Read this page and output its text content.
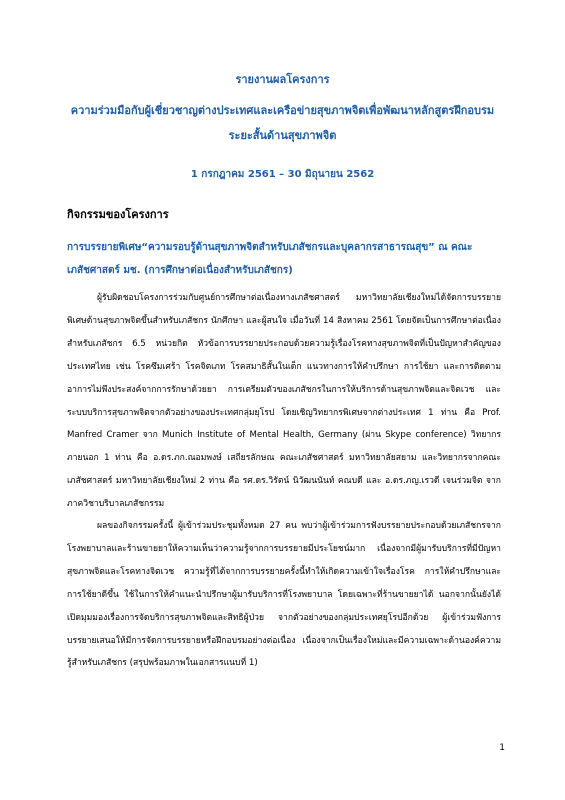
รายงานผลโครงการ
ความร่วมมือกับผู้เชี่ยวชาญต่างประเทศและเครือข่ายสุขภาพจิตเพื่อพัฒนาหลักสูตรฝึกอบรม
ระยะสั้นด้านสุขภาพจิต
1 กรกฎาคม 2561 – 30 มิถุนายน 2562
กิจกรรมของโครงการ
การบรรยายพิเศษ“ความรอบรู้ด้านสุขภาพจิตสำหรับเภสัชกรและบุคลากรสาธารณสุข” ณ คณะเภสัชศาสตร์ มช. (การศึกษาต่อเนื่องสำหรับเภสัชกร)
ผู้รับผิดชอบโครงการร่วมกับศูนย์การศึกษาต่อเนื่องทางเภสัชศาสตร์ มหาวิทยาลัยเชียงใหม่ได้จัดการบรรยายพิเศษด้านสุขภาพจิตขึ้นสำหรับเภสัชกร นักศึกษา และผู้สนใจ เมื่อวันที่ 14 สิงหาคม 2561 โดยจัดเป็นการศึกษาต่อเนื่องสำหรับเภสัชกร 6.5 หน่วยกิต หัวข้อการบรรยายประกอบด้วยความรู้เรื่องโรคทางสุขภาพจิตที่เป็นปัญหาสำคัญของประเทศไทย เช่น โรคซึมเศร้า โรคจิตเภท โรคสมาธิสั้นในเด็ก แนวทางการให้คำปรึกษา การใช้ยา และการติดตามอาการไม่พึงประสงค์จากการรักษาด้วยยา การเตรียมตัวของเภสัชกรในการให้บริการด้านสุขภาพจิตและจิตเวช และระบบบริการสุขภาพจิตจากตัวอย่างของประเทศกลุ่มยุโรป โดยเชิญวิทยากรพิเศษจากต่างประเทศ 1 ท่าน คือ Prof. Manfred Cramer จาก Munich Institute of Mental Health, Germany (ผ่าน Skype conference) วิทยากรภายนอก 1 ท่าน คือ อ.ดร.ภก.ณอมพงษ์ เสถียรลักษณ คณะเภสัชศาสตร์ มหาวิทยาลัยสยาม และวิทยากรจากคณะเภสัชศาสตร์ มหาวิทยาลัยเชียงใหม่ 2 ท่าน คือ รศ.ดร.วิรัตน์ นิวัฒนนันท์ คณบดี และ อ.ดร.ภญ.เรวดี เจนร่วมจิต จากภาควิชาบริบาลเภสัชกรรม
ผลของกิจกรรมครั้งนี้ ผู้เข้าร่วมประชุมทั้งหมด 27 คน พบว่าผู้เข้าร่วมการฟังบรรยายประกอบด้วยเภสัชกรจากโรงพยาบาลและร้านขายยาให้ความเห็นว่าความรู้จากการบรรยายมีประโยชน์มาก เนื่องจากมีผู้มารับบริการที่มีปัญหาสุขภาพจิตและโรคทางจิตเวช ความรู้ที่ได้จากการบรรยายครั้งนี้ทำให้เกิดความเข้าใจเรื่องโรค การให้คำปรึกษาและการใช้ยาดีขึ้น ใช้ในการให้คำแนะนำปรึกษาผู้มารับบริการที่โรงพยาบาล โดยเฉพาะที่ร้านขายยาได้ นอกจากนั้นยังได้เปิดมุมมองเรื่องการจัดบริการสุขภาพจิตและสิทธิผู้ป่วย จากตัวอย่างของกลุ่มประเทศยุโรปอีกด้วย ผู้เข้าร่วมฟังการบรรยายเสนอให้มีการจัดการบรรยายหรือฝึกอบรมอย่างต่อเนื่อง เนื่องจากเป็นเรื่องใหม่และมีความเฉพาะด้านองค์ความรู้สำหรับเภสัชกร (สรุปพร้อมภาพในเอกสารแนบที่ 1)
1
